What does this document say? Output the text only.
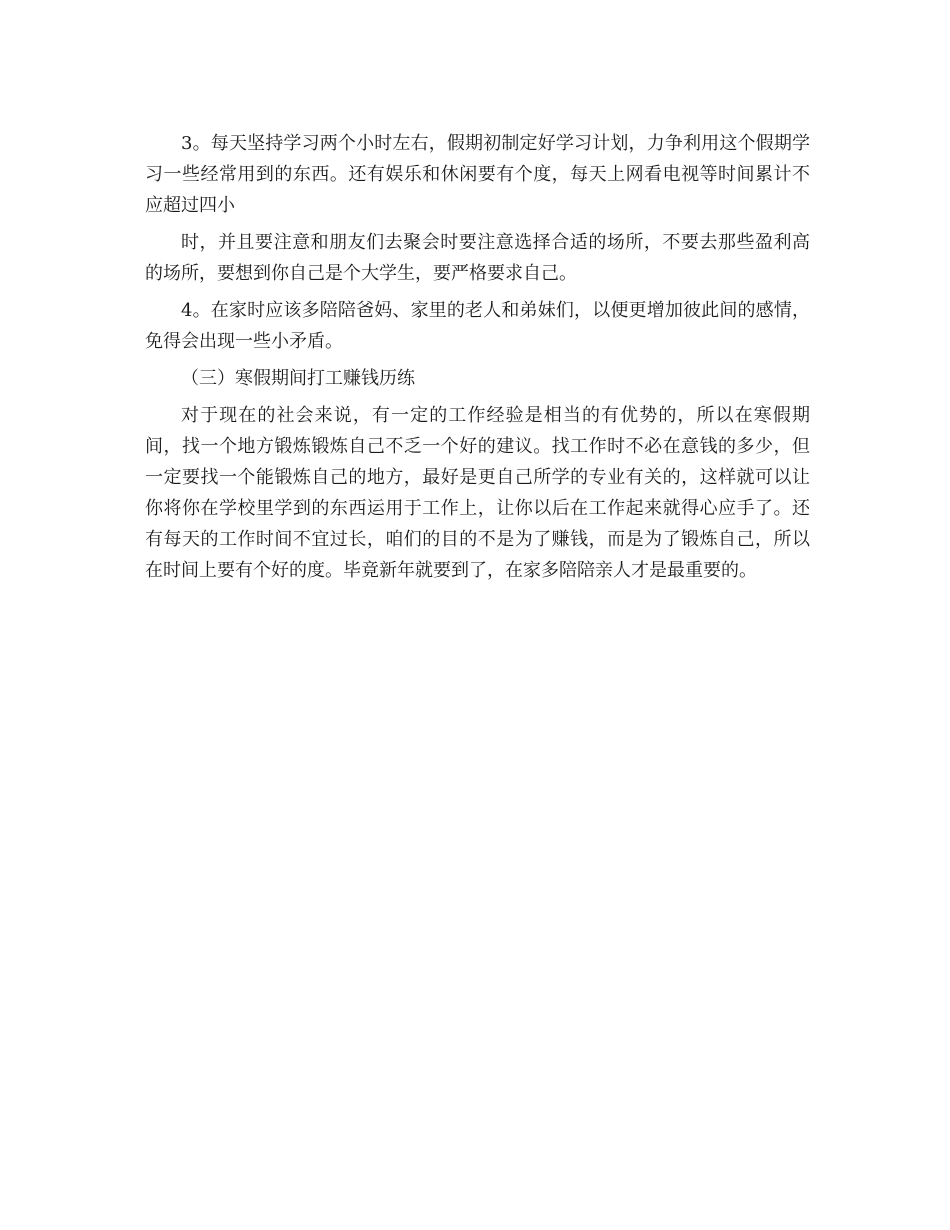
3。每天坚持学习两个小时左右，假期初制定好学习计划，力争利用这个假期学习一些经常用到的东西。还有娱乐和休闲要有个度，每天上网看电视等时间累计不应超过四小

时，并且要注意和朋友们去聚会时要注意选择合适的场所，不要去那些盈利高的场所，要想到你自己是个大学生，要严格要求自己。

4。在家时应该多陪陪爸妈、家里的老人和弟妹们，以便更增加彼此间的感情，免得会出现一些小矛盾。

（三）寒假期间打工赚钱历练

对于现在的社会来说，有一定的工作经验是相当的有优势的，所以在寒假期间，找一个地方锻炼锻炼自己不乏一个好的建议。找工作时不必在意钱的多少，但一定要找一个能锻炼自己的地方，最好是更自己所学的专业有关的，这样就可以让你将你在学校里学到的东西运用于工作上，让你以后在工作起来就得心应手了。还有每天的工作时间不宜过长，咱们的目的不是为了赚钱，而是为了锻炼自己，所以在时间上要有个好的度。毕竟新年就要到了，在家多陪陪亲人才是最重要的。
